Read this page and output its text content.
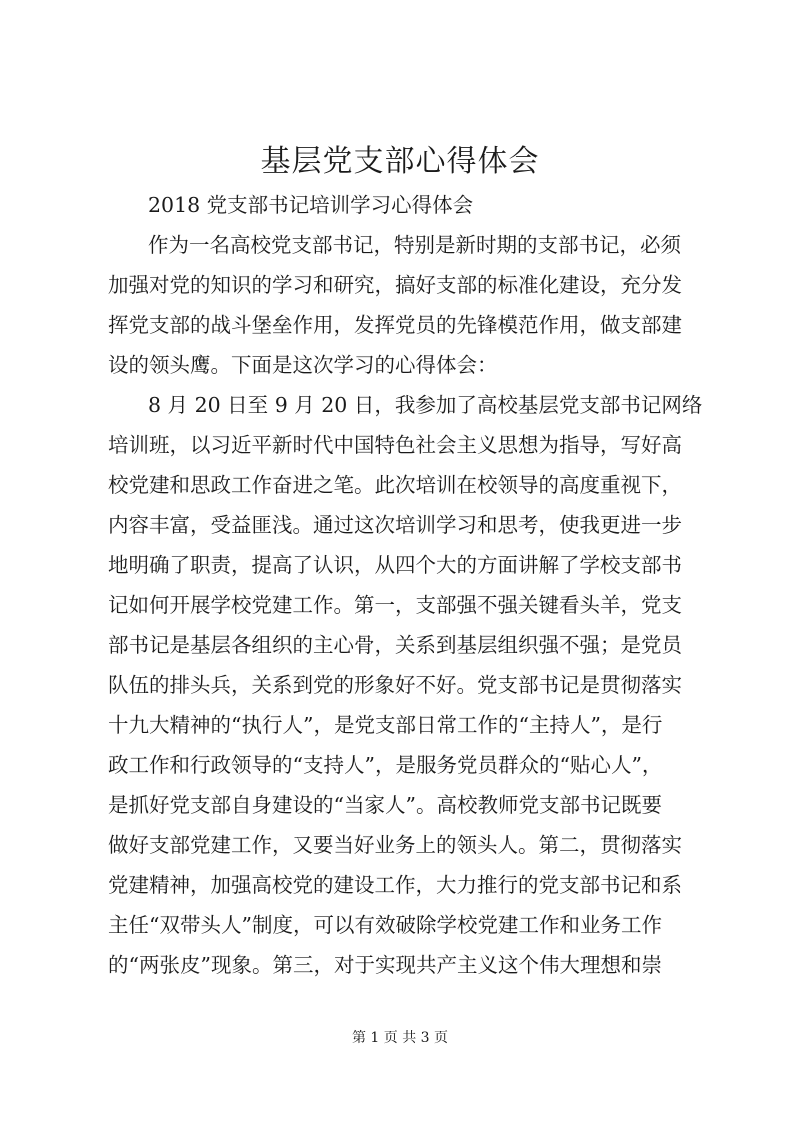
基层党支部心得体会

2018 党支部书记培训学习心得体会

作为一名高校党支部书记，特别是新时期的支部书记，必须

加强对党的知识的学习和研究，搞好支部的标准化建设，充分发

挥党支部的战斗堡垒作用，发挥党员的先锋模范作用，做支部建

设的领头鹰。下面是这次学习的心得体会：

8 月 20 日至 9 月 20 日，我参加了高校基层党支部书记网络

培训班，以习近平新时代中国特色社会主义思想为指导，写好高

校党建和思政工作奋进之笔。此次培训在校领导的高度重视下，

内容丰富，受益匪浅。通过这次培训学习和思考，使我更进一步

地明确了职责，提高了认识，从四个大的方面讲解了学校支部书

记如何开展学校党建工作。第一，支部强不强关键看头羊，党支

部书记是基层各组织的主心骨，关系到基层组织强不强；是党员

队伍的排头兵，关系到党的形象好不好。党支部书记是贯彻落实

十九大精神的“执行人”，是党支部日常工作的“主持人”，是行

政工作和行政领导的“支持人”，是服务党员群众的“贴心人”，

是抓好党支部自身建设的“当家人”。高校教师党支部书记既要

做好支部党建工作，又要当好业务上的领头人。第二，贯彻落实

党建精神，加强高校党的建设工作，大力推行的党支部书记和系

主任“双带头人”制度，可以有效破除学校党建工作和业务工作

的“两张皮”现象。第三，对于实现共产主义这个伟大理想和崇

第 1 页 共 3 页
